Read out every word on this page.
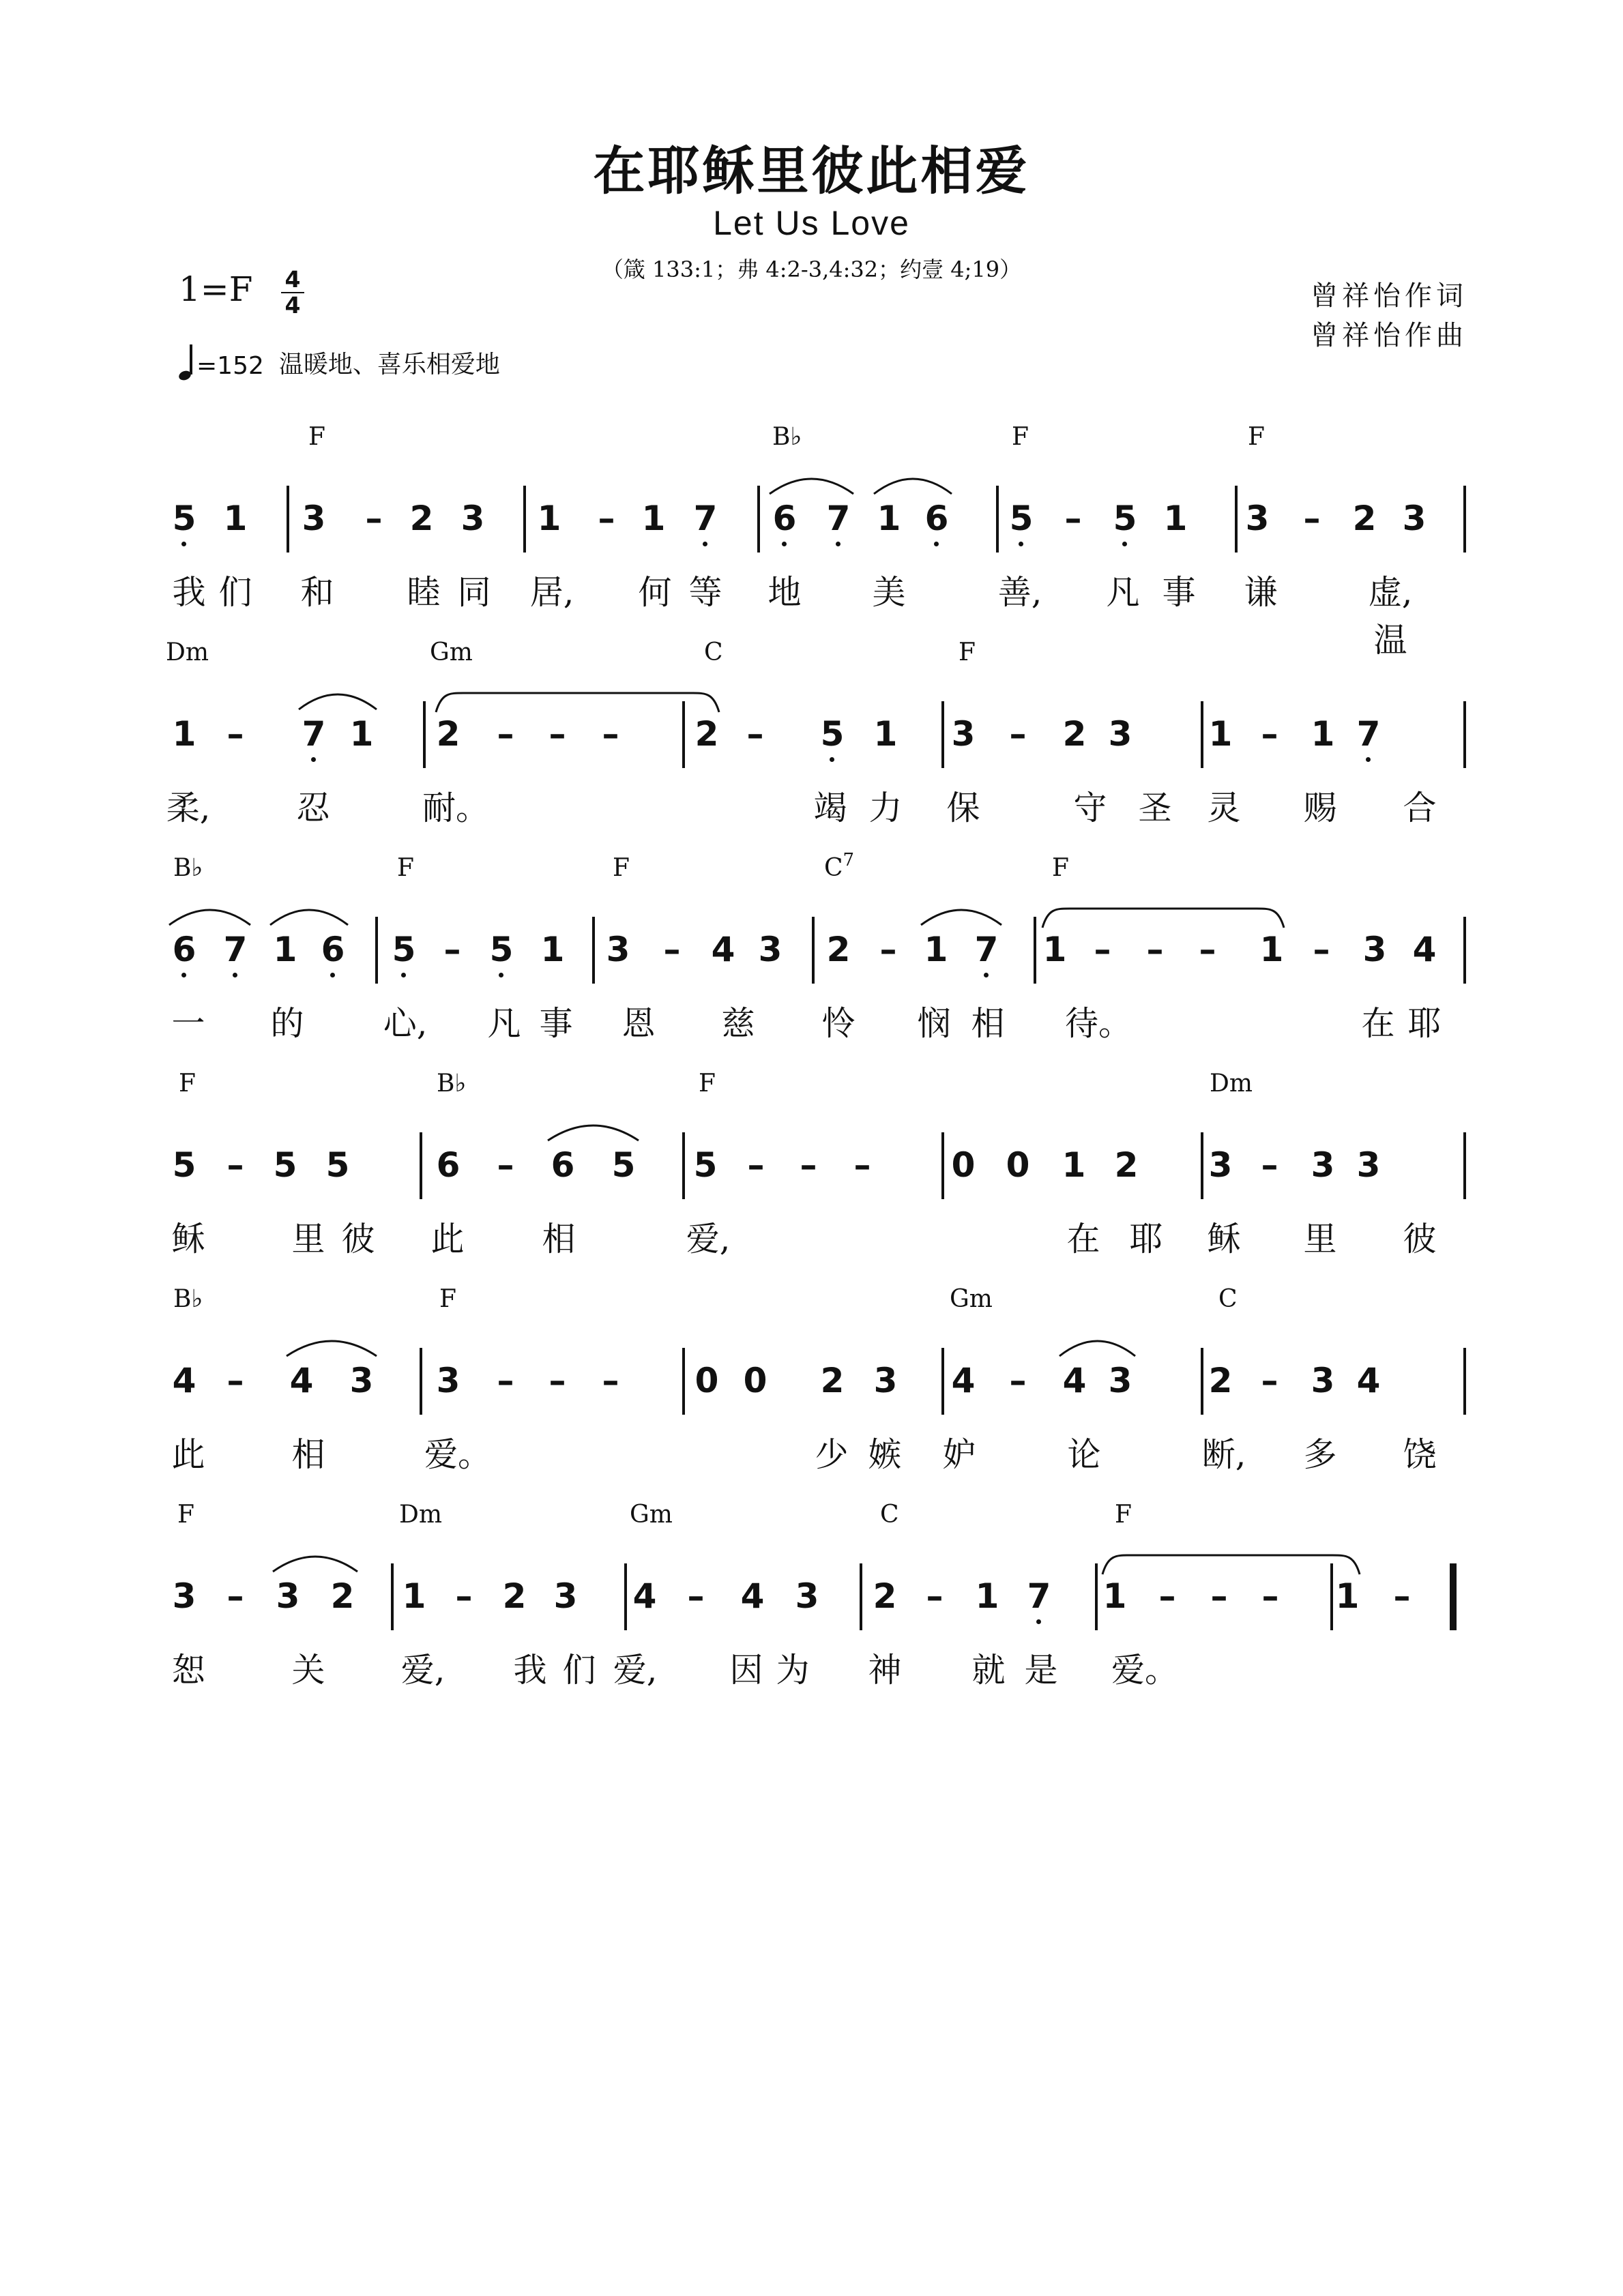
在耶稣里彼此相爱
Let Us Love
（箴 133:1；弗 4:2-3,4:32；约壹 4;19）
1=F 4
4
=152 温暖地、喜乐相爱地
曾祥怡作词
曾祥怡作曲
F	B♭	F	F
5 1 3 – 2 3 1 – 1 7 6 7 1 6 5 – 5 1 3 – 2 3
我 们 和 睦 同 居, 何 等 地 美	善, 凡 事 谦	虚,温
Dm	Gm	C	F
1 – 7 1 2 – – – 2 – 5 1 3 – 2 3 1 – 1 7
柔,	忍	耐。	竭 力 保	守 圣 灵 赐 合
B♭	F	F	$C^7$	F
6 7 1 6 5 – 5 1 3 – 4 3 2 – 1 7 1 – – – 1 – 3 4
一 的 心, 凡 事 恩 慈 怜 悯 相 待。	在 耶
F	B♭	F	Dm
5 – 5 5	6 – 6 5 5 – – – 0 0 1 2 3 – 3 3
稣	里 彼 此 相	爱,	在 耶 稣 里 彼
B♭	F	Gm	C
4 – 4 3 3 – – – 0 0 2 3 4 – 4 3 2 – 3 4
此	相	爱。	少 嫉 妒	论	断, 多 饶
F	Dm	Gm	C	F
3 – 3 2 1 – 2 3 4 – 4 3 2 – 1 7 1 – – – 1 –
恕	关 爱, 我 们 爱, 因 为 神 就 是 爱。
